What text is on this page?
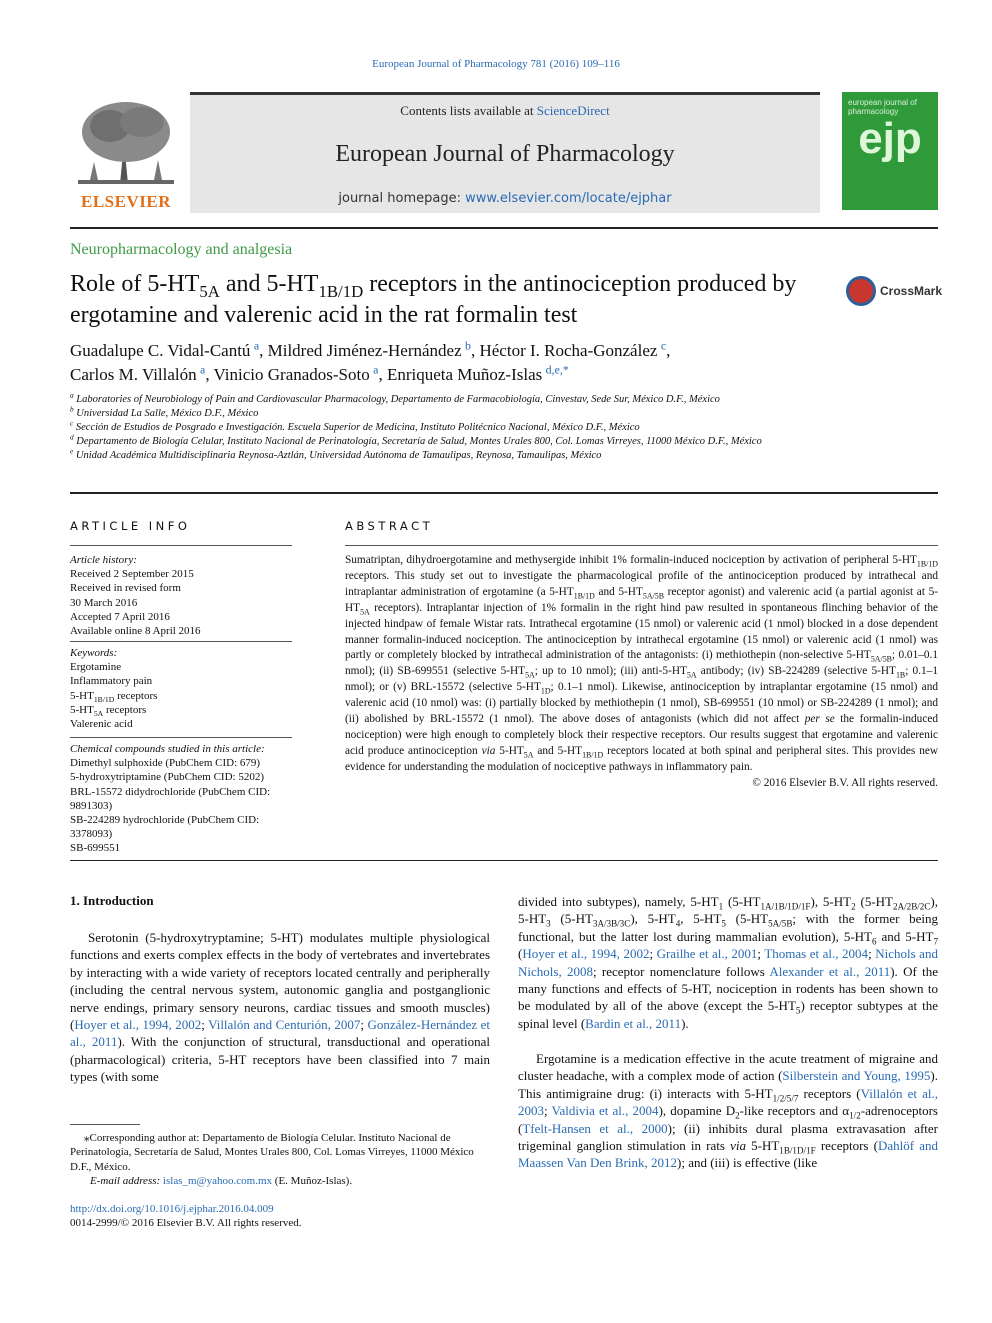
European Journal of Pharmacology 781 (2016) 109–116
ELSEVIER
Contents lists available at ScienceDirect
European Journal of Pharmacology
journal homepage: www.elsevier.com/locate/ejphar
european journal of pharmacology
ejp
Neuropharmacology and analgesia
Role of $5-HT_{5A}$ and $5-HT_{1B/1D}$ receptors in the antinociception produced by ergotamine and valerenic acid in the rat formalin test
CrossMark
Guadalupe C. Vidal-Cantú  $^a$, Mildred Jiménez-Hernández  $^b$, Héctor I. Rocha-González  $^c$,
Carlos M. Villalón  $^a$, Vinicio Granados-Soto  $^a$, Enriqueta Muñoz-Islas  $^{d,e,*}$
$^a$ Laboratories of Neurobiology of Pain and Cardiovascular Pharmacology, Departamento de Farmacobiología, Cinvestav, Sede Sur, México D.F., México
$^b$ Universidad La Salle, México D.F., México
$^c$ Sección de Estudios de Posgrado e Investigación. Escuela Superior de Medicina, Instituto Politécnico Nacional, México D.F., México
$^d$ Departamento de Biología Celular, Instituto Nacional de Perinatología, Secretaría de Salud, Montes Urales 800, Col. Lomas Virreyes, 11000 México D.F., México
$^e$ Unidad Académica Multidisciplinaria Reynosa-Aztlán, Universidad Autónoma de Tamaulipas, Reynosa, Tamaulipas, México
ARTICLE INFO
Article history:
Received 2 September 2015
Received in revised form
30 March 2016
Accepted 7 April 2016
Available online 8 April 2016
Keywords:
Ergotamine
Inflammatory pain
$5-HT_{1B/1D}$ receptors
$5-HT_{5A}$ receptors
Valerenic acid
Chemical compounds studied in this article:
Dimethyl sulphoxide (PubChem CID: 679)
5-hydroxytriptamine (PubChem CID: 5202)
BRL-15572 didydrochloride (PubChem CID: 9891303)
SB-224289 hydrochloride (PubChem CID: 3378093)
SB-699551
ABSTRACT
Sumatriptan, dihydroergotamine and methysergide inhibit 1% formalin-induced nociception by activation of peripheral $5-HT_{1B/1D}$ receptors. This study set out to investigate the pharmacological profile of the antinociception produced by intrathecal and intraplantar administration of ergotamine (a $5-HT_{1B/1D}$ and $5-HT_{5A/5B}$ receptor agonist) and valerenic acid (a partial agonist at $5-HT_{5A}$ receptors). Intraplantar injection of 1% formalin in the right hind paw resulted in spontaneous flinching behavior of the injected hindpaw of female Wistar rats. Intrathecal ergotamine (15 nmol) or valerenic acid (1 nmol) blocked in a dose dependent manner formalin-induced nociception. The antinociception by intrathecal ergotamine (15 nmol) or valerenic acid (1 nmol) was partly or completely blocked by intrathecal administration of the antagonists: (i) methiothepin (non-selective $5-HT_{5A/5B}$; 0.01–0.1 nmol); (ii) SB-699551 (selective $5-HT_{5A}$; up to 10 nmol); (iii) anti-$5-HT_{5A}$ antibody; (iv) SB-224289 (selective $5-HT_{1B}$; 0.1–1 nmol); or (v) BRL-15572 (selective $5-HT_{1D}$; 0.1–1 nmol). Likewise, antinociception by intraplantar ergotamine (15 nmol) and valerenic acid (10 nmol) was: (i) partially blocked by methiothepin (1 nmol), SB-699551 (10 nmol) or SB-224289 (1 nmol); and (ii) abolished by BRL-15572 (1 nmol). The above doses of antagonists (which did not affect per se the formalin-induced nociception) were high enough to completely block their respective receptors. Our results suggest that ergotamine and valerenic acid produce antinociception via $5-HT_{5A}$ and $5-HT_{1B/1D}$ receptors located at both spinal and peripheral sites. This provides new evidence for understanding the modulation of nociceptive pathways in inflammatory pain.
© 2016 Elsevier B.V. All rights reserved.
1. Introduction
Serotonin (5-hydroxytryptamine; 5-HT) modulates multiple physiological functions and exerts complex effects in the body of vertebrates and invertebrates by interacting with a wide variety of receptors located centrally and peripherally (including the central nervous system, autonomic ganglia and postganglionic nerve endings, primary sensory neurons, cardiac tissues and smooth muscles) (Hoyer et al., 1994, 2002; Villalón and Centurión, 2007; González-Hernández et al., 2011). With the conjunction of structural, transductional and operational (pharmacological) criteria, 5-HT receptors have been classified into 7 main types (with some
divided into subtypes), namely, $5-HT_1$ $(5-HT_{1A/1B/1D/1F})$, $5-HT_2$ $(5-HT_{2A/2B/2C})$, $5-HT_3$ $(5-HT_{3A/3B/3C})$, $5-HT_4$, $5-HT_5$ ($5-HT_{5A/5B}$; with the former being functional, but the latter lost during mammalian evolution), $5-HT_6$ and $5-HT_7$ (Hoyer et al., 1994, 2002; Grailhe et al., 2001; Thomas et al., 2004; Nichols and Nichols, 2008; receptor nomenclature follows Alexander et al., 2011). Of the many functions and effects of 5-HT, nociception in rodents has been shown to be modulated by all of the above (except the $5-HT_5$) receptor subtypes at the spinal level (Bardin et al., 2011).
Ergotamine is a medication effective in the acute treatment of migraine and cluster headache, with a complex mode of action (Silberstein and Young, 1995). This antimigraine drug: (i) interacts with $5-HT_{1/2/5/7}$ receptors (Villalón et al., 2003; Valdivia et al., 2004), dopamine $D_2$-like receptors and $\alpha_{1/2}$-adrenoceptors (Tfelt-Hansen et al., 2000); (ii) inhibits dural plasma extravasation after trigeminal ganglion stimulation in rats via $5-HT_{1B/1D/1F}$ receptors (Dahlöf and Maassen Van Den Brink, 2012); and (iii) is effective (like
⁎Corresponding author at: Departamento de Biología Celular. Instituto Nacional de Perinatología, Secretaría de Salud, Montes Urales 800, Col. Lomas Virreyes, 11000 México D.F., México.
E-mail address: islas_m@yahoo.com.mx (E. Muñoz-Islas).
http://dx.doi.org/10.1016/j.ejphar.2016.04.009
0014-2999/© 2016 Elsevier B.V. All rights reserved.
